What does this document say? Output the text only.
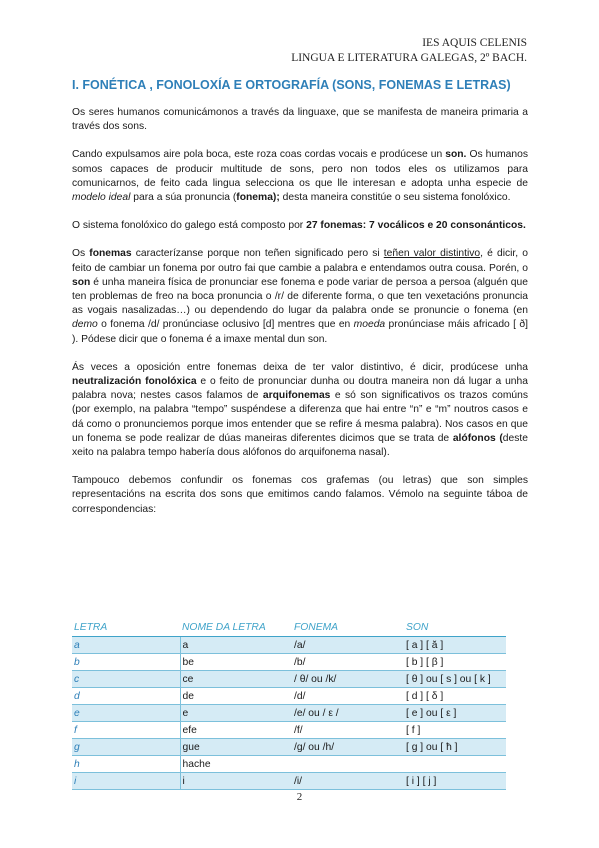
IES AQUIS CELENIS
LINGUA E LITERATURA GALEGAS, 2º BACH.
I. FONÉTICA , FONOLOXÍA E ORTOGRAFÍA (SONS, FONEMAS E LETRAS)

Os seres humanos comunicámonos a través da linguaxe, que se manifesta de maneira primaria a través dos sons.

Cando expulsamos aire pola boca, este roza coas cordas vocais e prodúcese un son. Os humanos somos capaces de producir multitude de sons, pero non todos eles os utilizamos para comunicarnos, de feito cada lingua selecciona os que lle interesan e adopta unha especie de modelo ideal para a súa pronuncia (fonema); desta maneira constitúe o seu sistema fonolóxico.

O sistema fonolóxico do galego está composto por 27 fonemas: 7 vocálicos e 20 consonánticos.

Os fonemas caracterízanse porque non teñen significado pero si teñen valor distintivo, é dicir, o feito de cambiar un fonema por outro fai que cambie a palabra e entendamos outra cousa. Porén, o son é unha maneira física de pronunciar ese fonema e pode variar de persoa a persoa (alguén que ten problemas de freo na boca pronuncia o /r/ de diferente forma, o que ten vexetacións pronuncia as vogais nasalizadas…) ou dependendo do lugar da palabra onde se pronuncie o fonema (en demo o fonema /d/ pronúnciase oclusivo [d] mentres que en moeda pronúnciase máis africado [ ð] ). Pódese dicir que o fonema é a imaxe mental dun son.

Ás veces a oposición entre fonemas deixa de ter valor distintivo, é dicir, prodúcese unha neutralización fonolóxica e o feito de pronunciar dunha ou doutra maneira non dá lugar a unha palabra nova; nestes casos falamos de arquifonemas e só son significativos os trazos comúns (por exemplo, na palabra “tempo” suspéndese a diferenza que hai entre “n” e “m” noutros casos e dá como o pronunciemos porque imos entender que se refire á mesma palabra). Nos casos en que un fonema se pode realizar de dúas maneiras diferentes dicimos que se trata de alófonos (deste xeito na palabra tempo habería dous alófonos do arquifonema nasal).

Tampouco debemos confundir os fonemas cos grafemas (ou letras) que son simples representacións na escrita dos sons que emitimos cando falamos. Vémolo na seguinte táboa de correspondencias:

LETRA	NOME DA LETRA	FONEMA	SON
a	a	/a/	[ a ] [ ă ]
b	be	/b/	[ b ] [ β ]
c	ce	/ θ/ ou /k/	[ θ ] ou [ s ] ou [ k ]
d	de	/d/	[ d ] [ δ ]
e	e	/e/ ou / ε /	[ e ] ou [ ε ]
f	efe	/f/	[ f ]
g	gue	/g/ ou /h/	[ g ] ou [ ħ ]
h	hache		
i	i	/i/	[ i ] [ j ]
2
